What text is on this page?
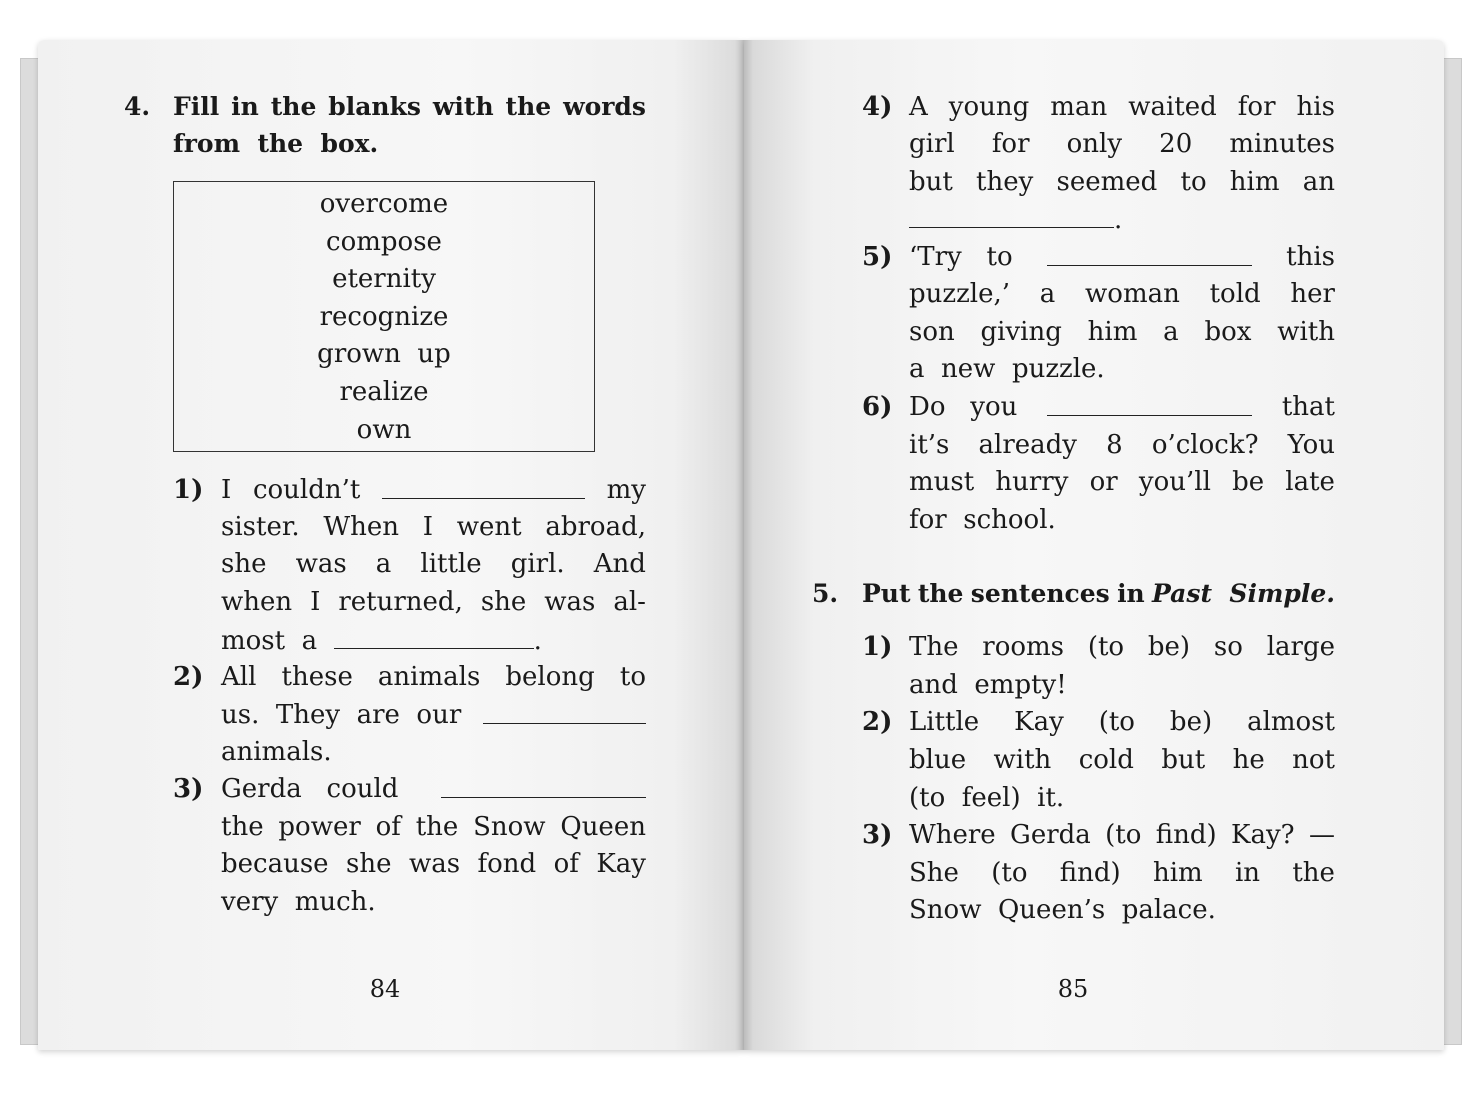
4. Fill in the blanks with the words
from  the  box.
overcome
compose
eternity
recognize
grown  up
realize
own
1) I couldn’t	my
sister. When I went abroad,
she was a little girl. And
when I returned, she was al-
most  a	.
2) All these animals belong to
us.  They  are  our
animals.
3) Gerda   could
the power of the Snow Queen
because she was fond of Kay
very  much.
84
4) A young man waited for his
girl for only 20 minutes
but they seemed to him an
.
5) ‘Try   to	this
puzzle,’ a woman told her
son giving him a box with
a  new  puzzle.
6) Do   you	that
it’s already 8 o’clock? You
must hurry or you’ll be late
for  school.
5. Put the sentences in Past  Simple.
1) The rooms (to be) so large
and  empty!
2) Little Kay (to be) almost
blue with cold but he not
(to  feel)  it.
3) Where Gerda (to find) Kay? —
She (to find) him in the
Snow  Queen’s  palace.
85
